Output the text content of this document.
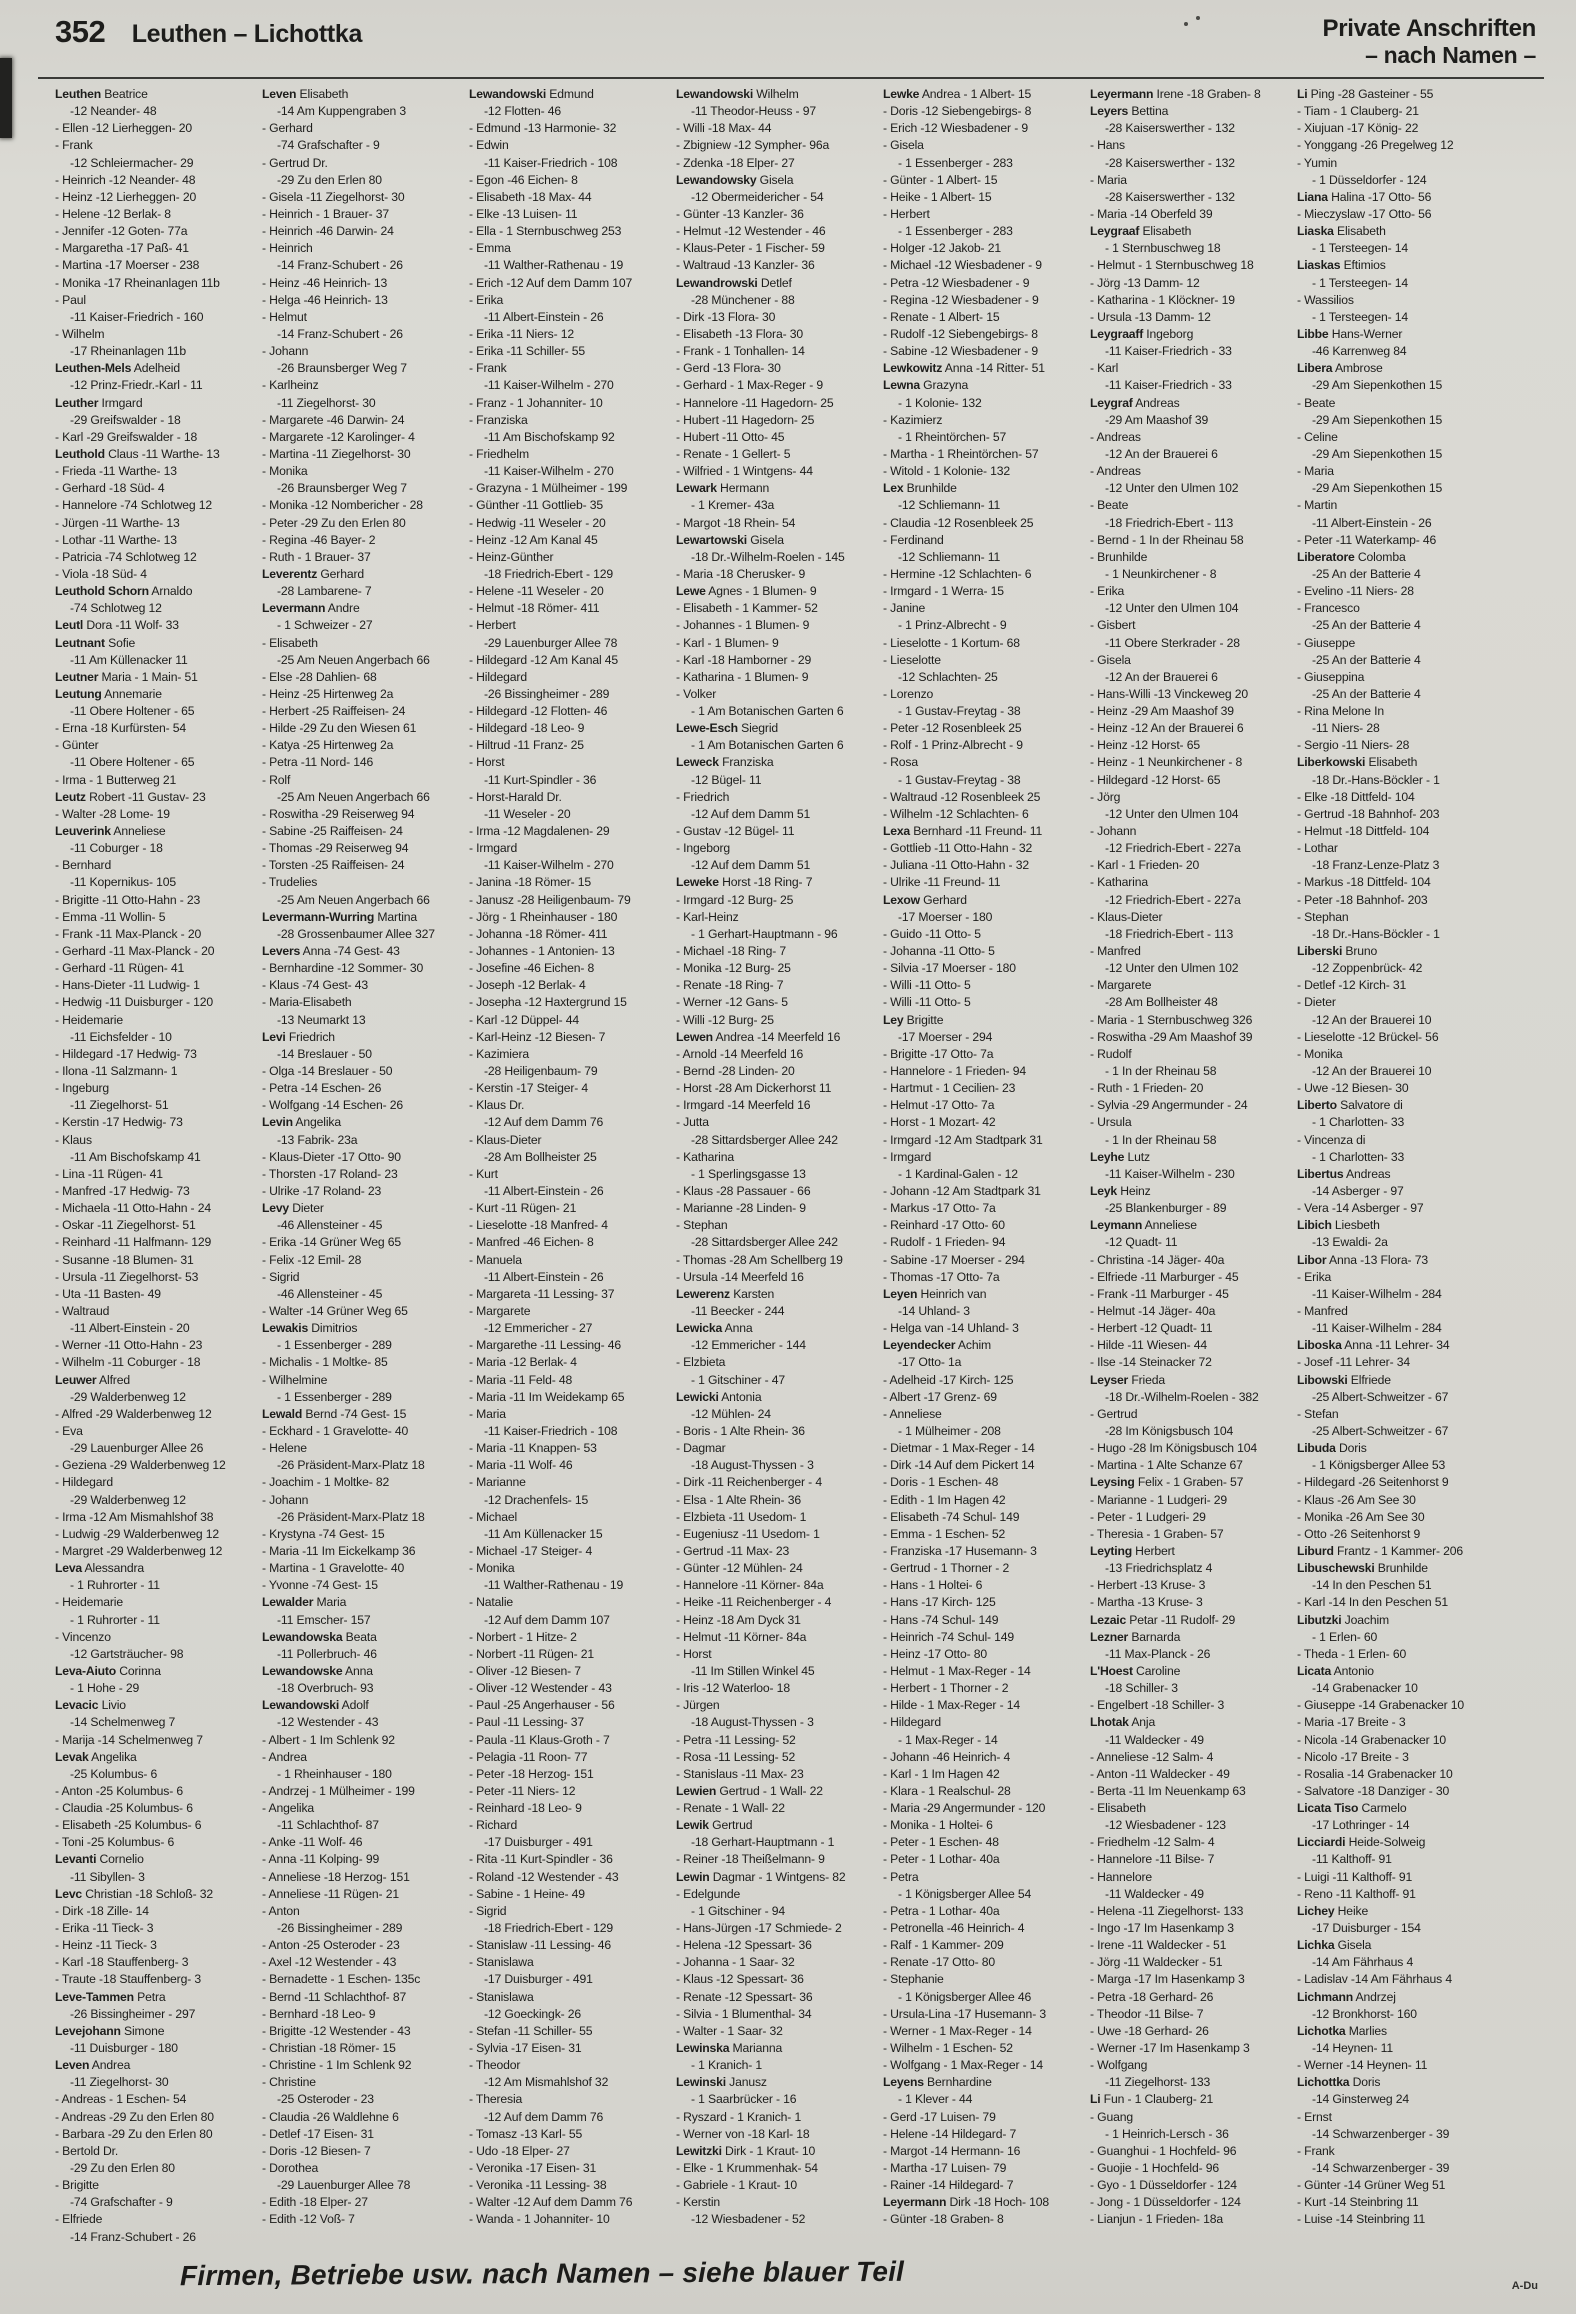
352 Leuthen – Lichottka	Private Anschriften
– nach Namen –
Leuthen Beatrice
-12 Neander- 48
- Ellen -12 Lierheggen- 20
- Frank
-12 Schleiermacher- 29
- Heinrich -12 Neander- 48
- Heinz -12 Lierheggen- 20
- Helene -12 Berlak- 8
- Jennifer -12 Goten- 77a
- Margaretha -17 Paß- 41
- Martina -17 Moerser - 238
- Monika -17 Rheinanlagen 11b
- Paul
-11 Kaiser-Friedrich - 160
- Wilhelm
-17 Rheinanlagen 11b
Leuthen-Mels Adelheid
-12 Prinz-Friedr.-Karl - 11
Leuther Irmgard
-29 Greifswalder - 18
- Karl -29 Greifswalder - 18
Leuthold Claus -11 Warthe- 13
- Frieda -11 Warthe- 13
- Gerhard -18 Süd- 4
- Hannelore -74 Schlotweg 12
- Jürgen -11 Warthe- 13
- Lothar -11 Warthe- 13
- Patricia -74 Schlotweg 12
- Viola -18 Süd- 4
Leuthold Schorn Arnaldo
-74 Schlotweg 12
Leutl Dora -11 Wolf- 33
Leutnant Sofie
-11 Am Küllenacker 11
Leutner Maria - 1 Main- 51
Leutung Annemarie
-11 Obere Holtener - 65
- Erna -18 Kurfürsten- 54
- Günter
-11 Obere Holtener - 65
- Irma - 1 Butterweg 21
Leutz Robert -11 Gustav- 23
- Walter -28 Lome- 19
Leuverink Anneliese
-11 Coburger - 18
- Bernhard
-11 Kopernikus- 105
- Brigitte -11 Otto-Hahn - 23
- Emma -11 Wollin- 5
- Frank -11 Max-Planck - 20
- Gerhard -11 Max-Planck - 20
- Gerhard -11 Rügen- 41
- Hans-Dieter -11 Ludwig- 1
- Hedwig -11 Duisburger - 120
- Heidemarie
-11 Eichsfelder - 10
- Hildegard -17 Hedwig- 73
- Ilona -11 Salzmann- 1
- Ingeburg
-11 Ziegelhorst- 51
- Kerstin -17 Hedwig- 73
- Klaus
-11 Am Bischofskamp 41
- Lina -11 Rügen- 41
- Manfred -17 Hedwig- 73
- Michaela -11 Otto-Hahn - 24
- Oskar -11 Ziegelhorst- 51
- Reinhard -11 Halfmann- 129
- Susanne -18 Blumen- 31
- Ursula -11 Ziegelhorst- 53
- Uta -11 Basten- 49
- Waltraud
-11 Albert-Einstein - 20
- Werner -11 Otto-Hahn - 23
- Wilhelm -11 Coburger - 18
Leuwer Alfred
-29 Walderbenweg 12
- Alfred -29 Walderbenweg 12
- Eva
-29 Lauenburger Allee 26
- Geziena -29 Walderbenweg 12
- Hildegard
-29 Walderbenweg 12
- Irma -12 Am Mismahlshof 38
- Ludwig -29 Walderbenweg 12
- Margret -29 Walderbenweg 12
Leva Alessandra
- 1 Ruhrorter - 11
- Heidemarie
- 1 Ruhrorter - 11
- Vincenzo
-12 Gartsträucher- 98
Leva-Aiuto Corinna
- 1 Hohe - 29
Levacic Livio
-14 Schelmenweg 7
- Marija -14 Schelmenweg 7
Levak Angelika
-25 Kolumbus- 6
- Anton -25 Kolumbus- 6
- Claudia -25 Kolumbus- 6
- Elisabeth -25 Kolumbus- 6
- Toni -25 Kolumbus- 6
Levanti Cornelio
-11 Sibyllen- 3
Levc Christian -18 Schloß- 32
- Dirk -18 Zille- 14
- Erika -11 Tieck- 3
- Heinz -11 Tieck- 3
- Karl -18 Stauffenberg- 3
- Traute -18 Stauffenberg- 3
Leve-Tammen Petra
-26 Bissingheimer - 297
Levejohann Simone
-11 Duisburger - 180
Leven Andrea
-11 Ziegelhorst- 30
- Andreas - 1 Eschen- 54
- Andreas -29 Zu den Erlen 80
- Barbara -29 Zu den Erlen 80
- Bertold Dr.
-29 Zu den Erlen 80
- Brigitte
-74 Grafschafter - 9
- Elfriede
-14 Franz-Schubert - 26
Leven Elisabeth
-14 Am Kuppengraben 3
- Gerhard
-74 Grafschafter - 9
- Gertrud Dr.
-29 Zu den Erlen 80
- Gisela -11 Ziegelhorst- 30
- Heinrich - 1 Brauer- 37
- Heinrich -46 Darwin- 24
- Heinrich
-14 Franz-Schubert - 26
- Heinz -46 Heinrich- 13
- Helga -46 Heinrich- 13
- Helmut
-14 Franz-Schubert - 26
- Johann
-26 Braunsberger Weg 7
- Karlheinz
-11 Ziegelhorst- 30
- Margarete -46 Darwin- 24
- Margarete -12 Karolinger- 4
- Martina -11 Ziegelhorst- 30
- Monika
-26 Braunsberger Weg 7
- Monika -12 Nombericher - 28
- Peter -29 Zu den Erlen 80
- Regina -46 Bayer- 2
- Ruth - 1 Brauer- 37
Leverentz Gerhard
-28 Lambarene- 7
Levermann Andre
- 1 Schweizer - 27
- Elisabeth
-25 Am Neuen Angerbach 66
- Else -28 Dahlien- 68
- Heinz -25 Hirtenweg 2a
- Herbert -25 Raiffeisen- 24
- Hilde -29 Zu den Wiesen 61
- Katya -25 Hirtenweg 2a
- Petra -11 Nord- 146
- Rolf
-25 Am Neuen Angerbach 66
- Roswitha -29 Reiserweg 94
- Sabine -25 Raiffeisen- 24
- Thomas -29 Reiserweg 94
- Torsten -25 Raiffeisen- 24
- Trudelies
-25 Am Neuen Angerbach 66
Levermann-Wurring Martina
-28 Grossenbaumer Allee 327
Levers Anna -74 Gest- 43
- Bernhardine -12 Sommer- 30
- Klaus -74 Gest- 43
- Maria-Elisabeth
-13 Neumarkt 13
Levi Friedrich
-14 Breslauer - 50
- Olga -14 Breslauer - 50
- Petra -14 Eschen- 26
- Wolfgang -14 Eschen- 26
Levin Angelika
-13 Fabrik- 23a
- Klaus-Dieter -17 Otto- 90
- Thorsten -17 Roland- 23
- Ulrike -17 Roland- 23
Levy Dieter
-46 Allensteiner - 45
- Erika -14 Grüner Weg 65
- Felix -12 Emil- 28
- Sigrid
-46 Allensteiner - 45
- Walter -14 Grüner Weg 65
Lewakis Dimitrios
- 1 Essenberger - 289
- Michalis - 1 Moltke- 85
- Wilhelmine
- 1 Essenberger - 289
Lewald Bernd -74 Gest- 15
- Eckhard - 1 Gravelotte- 40
- Helene
-26 Präsident-Marx-Platz 18
- Joachim - 1 Moltke- 82
- Johann
-26 Präsident-Marx-Platz 18
- Krystyna -74 Gest- 15
- Maria -11 Im Eickelkamp 36
- Martina - 1 Gravelotte- 40
- Yvonne -74 Gest- 15
Lewalder Maria
-11 Emscher- 157
Lewandowska Beata
-11 Pollerbruch- 46
Lewandowske Anna
-18 Overbruch- 93
Lewandowski Adolf
-12 Westender - 43
- Albert - 1 Im Schlenk 92
- Andrea
- 1 Rheinhauser - 180
- Andrzej - 1 Mülheimer - 199
- Angelika
-11 Schlachthof- 87
- Anke -11 Wolf- 46
- Anna -11 Kolping- 99
- Anneliese -18 Herzog- 151
- Anneliese -11 Rügen- 21
- Anton
-26 Bissingheimer - 289
- Anton -25 Osteroder - 23
- Axel -12 Westender - 43
- Bernadette - 1 Eschen- 135c
- Bernd -11 Schlachthof- 87
- Bernhard -18 Leo- 9
- Brigitte -12 Westender - 43
- Christian -18 Römer- 15
- Christine - 1 Im Schlenk 92
- Christine
-25 Osteroder - 23
- Claudia -26 Waldlehne 6
- Detlef -17 Eisen- 31
- Doris -12 Biesen- 7
- Dorothea
-29 Lauenburger Allee 78
- Edith -18 Elper- 27
- Edith -12 Voß- 7
Lewandowski Edmund
-12 Flotten- 46
- Edmund -13 Harmonie- 32
- Edwin
-11 Kaiser-Friedrich - 108
- Egon -46 Eichen- 8
- Elisabeth -18 Max- 44
- Elke -13 Luisen- 11
- Ella - 1 Sternbuschweg 253
- Emma
-11 Walther-Rathenau - 19
- Erich -12 Auf dem Damm 107
- Erika
-11 Albert-Einstein - 26
- Erika -11 Niers- 12
- Erika -11 Schiller- 55
- Frank
-11 Kaiser-Wilhelm - 270
- Franz - 1 Johanniter- 10
- Franziska
-11 Am Bischofskamp 92
- Friedhelm
-11 Kaiser-Wilhelm - 270
- Grazyna - 1 Mülheimer - 199
- Günther -11 Gottlieb- 35
- Hedwig -11 Weseler - 20
- Heinz -12 Am Kanal 45
- Heinz-Günther
-18 Friedrich-Ebert - 129
- Helene -11 Weseler - 20
- Helmut -18 Römer- 411
- Herbert
-29 Lauenburger Allee 78
- Hildegard -12 Am Kanal 45
- Hildegard
-26 Bissingheimer - 289
- Hildegard -12 Flotten- 46
- Hildegard -18 Leo- 9
- Hiltrud -11 Franz- 25
- Horst
-11 Kurt-Spindler - 36
- Horst-Harald Dr.
-11 Weseler - 20
- Irma -12 Magdalenen- 29
- Irmgard
-11 Kaiser-Wilhelm - 270
- Janina -18 Römer- 15
- Janusz -28 Heiligenbaum- 79
- Jörg - 1 Rheinhauser - 180
- Johanna -18 Römer- 411
- Johannes - 1 Antonien- 13
- Josefine -46 Eichen- 8
- Joseph -12 Berlak- 4
- Josepha -12 Haxtergrund 15
- Karl -12 Düppel- 44
- Karl-Heinz -12 Biesen- 7
- Kazimiera
-28 Heiligenbaum- 79
- Kerstin -17 Steiger- 4
- Klaus Dr.
-12 Auf dem Damm 76
- Klaus-Dieter
-28 Am Bollheister 25
- Kurt
-11 Albert-Einstein - 26
- Kurt -11 Rügen- 21
- Lieselotte -18 Manfred- 4
- Manfred -46 Eichen- 8
- Manuela
-11 Albert-Einstein - 26
- Margareta -11 Lessing- 37
- Margarete
-12 Emmericher - 27
- Margarethe -11 Lessing- 46
- Maria -12 Berlak- 4
- Maria -11 Feld- 48
- Maria -11 Im Weidekamp 65
- Maria
-11 Kaiser-Friedrich - 108
- Maria -11 Knappen- 53
- Maria -11 Wolf- 46
- Marianne
-12 Drachenfels- 15
- Michael
-11 Am Küllenacker 15
- Michael -17 Steiger- 4
- Monika
-11 Walther-Rathenau - 19
- Natalie
-12 Auf dem Damm 107
- Norbert - 1 Hitze- 2
- Norbert -11 Rügen- 21
- Oliver -12 Biesen- 7
- Oliver -12 Westender - 43
- Paul -25 Angerhauser - 56
- Paul -11 Lessing- 37
- Paula -11 Klaus-Groth - 7
- Pelagia -11 Roon- 77
- Peter -18 Herzog- 151
- Peter -11 Niers- 12
- Reinhard -18 Leo- 9
- Richard
-17 Duisburger - 491
- Rita -11 Kurt-Spindler - 36
- Roland -12 Westender - 43
- Sabine - 1 Heine- 49
- Sigrid
-18 Friedrich-Ebert - 129
- Stanislaw -11 Lessing- 46
- Stanislawa
-17 Duisburger - 491
- Stanislawa
-12 Goeckingk- 26
- Stefan -11 Schiller- 55
- Sylvia -17 Eisen- 31
- Theodor
-12 Am Mismahlshof 32
- Theresia
-12 Auf dem Damm 76
- Tomasz -13 Karl- 55
- Udo -18 Elper- 27
- Veronika -17 Eisen- 31
- Veronika -11 Lessing- 38
- Walter -12 Auf dem Damm 76
- Wanda - 1 Johanniter- 10
Lewandowski Wilhelm
-11 Theodor-Heuss - 97
- Willi -18 Max- 44
- Zbigniew -12 Sympher- 96a
- Zdenka -18 Elper- 27
Lewandowsky Gisela
-12 Obermeidericher - 54
- Günter -13 Kanzler- 36
- Helmut -12 Westender - 46
- Klaus-Peter - 1 Fischer- 59
- Waltraud -13 Kanzler- 36
Lewandrowski Detlef
-28 Münchener - 88
- Dirk -13 Flora- 30
- Elisabeth -13 Flora- 30
- Frank - 1 Tonhallen- 14
- Gerd -13 Flora- 30
- Gerhard - 1 Max-Reger - 9
- Hannelore -11 Hagedorn- 25
- Hubert -11 Hagedorn- 25
- Hubert -11 Otto- 45
- Renate - 1 Gellert- 5
- Wilfried - 1 Wintgens- 44
Lewark Hermann
- 1 Kremer- 43a
- Margot -18 Rhein- 54
Lewartowski Gisela
-18 Dr.-Wilhelm-Roelen - 145
- Maria -18 Cherusker- 9
Lewe Agnes - 1 Blumen- 9
- Elisabeth - 1 Kammer- 52
- Johannes - 1 Blumen- 9
- Karl - 1 Blumen- 9
- Karl -18 Hamborner - 29
- Katharina - 1 Blumen- 9
- Volker
- 1 Am Botanischen Garten 6
Lewe-Esch Siegrid
- 1 Am Botanischen Garten 6
Leweck Franziska
-12 Bügel- 11
- Friedrich
-12 Auf dem Damm 51
- Gustav -12 Bügel- 11
- Ingeborg
-12 Auf dem Damm 51
Leweke Horst -18 Ring- 7
- Irmgard -12 Burg- 25
- Karl-Heinz
- 1 Gerhart-Hauptmann - 96
- Michael -18 Ring- 7
- Monika -12 Burg- 25
- Renate -18 Ring- 7
- Werner -12 Gans- 5
- Willi -12 Burg- 25
Lewen Andrea -14 Meerfeld 16
- Arnold -14 Meerfeld 16
- Bernd -28 Linden- 20
- Horst -28 Am Dickerhorst 11
- Irmgard -14 Meerfeld 16
- Jutta
-28 Sittardsberger Allee 242
- Katharina
- 1 Sperlingsgasse 13
- Klaus -28 Passauer - 66
- Marianne -28 Linden- 9
- Stephan
-28 Sittardsberger Allee 242
- Thomas -28 Am Schellberg 19
- Ursula -14 Meerfeld 16
Lewerenz Karsten
-11 Beecker - 244
Lewicka Anna
-12 Emmericher - 144
- Elzbieta
- 1 Gitschiner - 47
Lewicki Antonia
-12 Mühlen- 24
- Boris - 1 Alte Rhein- 36
- Dagmar
-18 August-Thyssen - 3
- Dirk -11 Reichenberger - 4
- Elsa - 1 Alte Rhein- 36
- Elzbieta -11 Usedom- 1
- Eugeniusz -11 Usedom- 1
- Gertrud -11 Max- 23
- Günter -12 Mühlen- 24
- Hannelore -11 Körner- 84a
- Heike -11 Reichenberger - 4
- Heinz -18 Am Dyck 31
- Helmut -11 Körner- 84a
- Horst
-11 Im Stillen Winkel 45
- Iris -12 Waterloo- 18
- Jürgen
-18 August-Thyssen - 3
- Petra -11 Lessing- 52
- Rosa -11 Lessing- 52
- Stanislaus -11 Max- 23
Lewien Gertrud - 1 Wall- 22
- Renate - 1 Wall- 22
Lewik Gertrud
-18 Gerhart-Hauptmann - 1
- Reiner -18 Theißelmann- 9
Lewin Dagmar - 1 Wintgens- 82
- Edelgunde
- 1 Gitschiner - 94
- Hans-Jürgen -17 Schmiede- 2
- Helena -12 Spessart- 36
- Johanna - 1 Saar- 32
- Klaus -12 Spessart- 36
- Renate -12 Spessart- 36
- Silvia - 1 Blumenthal- 34
- Walter - 1 Saar- 32
Lewinska Marianna
- 1 Kranich- 1
Lewinski Janusz
- 1 Saarbrücker - 16
- Ryszard - 1 Kranich- 1
- Werner von -18 Karl- 18
Lewitzki Dirk - 1 Kraut- 10
- Elke - 1 Krummenhak- 54
- Gabriele - 1 Kraut- 10
- Kerstin
-12 Wiesbadener - 52
Lewke Andrea - 1 Albert- 15
- Doris -12 Siebengebirgs- 8
- Erich -12 Wiesbadener - 9
- Gisela
- 1 Essenberger - 283
- Günter - 1 Albert- 15
- Heike - 1 Albert- 15
- Herbert
- 1 Essenberger - 283
- Holger -12 Jakob- 21
- Michael -12 Wiesbadener - 9
- Petra -12 Wiesbadener - 9
- Regina -12 Wiesbadener - 9
- Renate - 1 Albert- 15
- Rudolf -12 Siebengebirgs- 8
- Sabine -12 Wiesbadener - 9
Lewkowitz Anna -14 Ritter- 51
Lewna Grazyna
- 1 Kolonie- 132
- Kazimierz
- 1 Rheintörchen- 57
- Martha - 1 Rheintörchen- 57
- Witold - 1 Kolonie- 132
Lex Brunhilde
-12 Schliemann- 11
- Claudia -12 Rosenbleek 25
- Ferdinand
-12 Schliemann- 11
- Hermine -12 Schlachten- 6
- Irmgard - 1 Werra- 15
- Janine
- 1 Prinz-Albrecht - 9
- Lieselotte - 1 Kortum- 68
- Lieselotte
-12 Schlachten- 25
- Lorenzo
- 1 Gustav-Freytag - 38
- Peter -12 Rosenbleek 25
- Rolf - 1 Prinz-Albrecht - 9
- Rosa
- 1 Gustav-Freytag - 38
- Waltraud -12 Rosenbleek 25
- Wilhelm -12 Schlachten- 6
Lexa Bernhard -11 Freund- 11
- Gottlieb -11 Otto-Hahn - 32
- Juliana -11 Otto-Hahn - 32
- Ulrike -11 Freund- 11
Lexow Gerhard
-17 Moerser - 180
- Guido -11 Otto- 5
- Johanna -11 Otto- 5
- Silvia -17 Moerser - 180
- Willi -11 Otto- 5
- Willi -11 Otto- 5
Ley Brigitte
-17 Moerser - 294
- Brigitte -17 Otto- 7a
- Hannelore - 1 Frieden- 94
- Hartmut - 1 Cecilien- 23
- Helmut -17 Otto- 7a
- Horst - 1 Mozart- 42
- Irmgard -12 Am Stadtpark 31
- Irmgard
- 1 Kardinal-Galen - 12
- Johann -12 Am Stadtpark 31
- Markus -17 Otto- 7a
- Reinhard -17 Otto- 60
- Rudolf - 1 Frieden- 94
- Sabine -17 Moerser - 294
- Thomas -17 Otto- 7a
Leyen Heinrich van
-14 Uhland- 3
- Helga van -14 Uhland- 3
Leyendecker Achim
-17 Otto- 1a
- Adelheid -17 Kirch- 125
- Albert -17 Grenz- 69
- Anneliese
- 1 Mülheimer - 208
- Dietmar - 1 Max-Reger - 14
- Dirk -14 Auf dem Pickert 14
- Doris - 1 Eschen- 48
- Edith - 1 Im Hagen 42
- Elisabeth -74 Schul- 149
- Emma - 1 Eschen- 52
- Franziska -17 Husemann- 3
- Gertrud - 1 Thorner - 2
- Hans - 1 Holtei- 6
- Hans -17 Kirch- 125
- Hans -74 Schul- 149
- Heinrich -74 Schul- 149
- Heinz -17 Otto- 80
- Helmut - 1 Max-Reger - 14
- Herbert - 1 Thorner - 2
- Hilde - 1 Max-Reger - 14
- Hildegard
- 1 Max-Reger - 14
- Johann -46 Heinrich- 4
- Karl - 1 Im Hagen 42
- Klara - 1 Realschul- 28
- Maria -29 Angermunder - 120
- Monika - 1 Holtei- 6
- Peter - 1 Eschen- 48
- Peter - 1 Lothar- 40a
- Petra
- 1 Königsberger Allee 54
- Petra - 1 Lothar- 40a
- Petronella -46 Heinrich- 4
- Ralf - 1 Kammer- 209
- Renate -17 Otto- 80
- Stephanie
- 1 Königsberger Allee 46
- Ursula-Lina -17 Husemann- 3
- Werner - 1 Max-Reger - 14
- Wilhelm - 1 Eschen- 52
- Wolfgang - 1 Max-Reger - 14
Leyens Bernhardine
- 1 Klever - 44
- Gerd -17 Luisen- 79
- Helene -14 Hildegard- 7
- Margot -14 Hermann- 16
- Martha -17 Luisen- 79
- Rainer -14 Hildegard- 7
Leyermann Dirk -18 Hoch- 108
- Günter -18 Graben- 8
Leyermann Irene -18 Graben- 8
Leyers Bettina
-28 Kaiserswerther - 132
- Hans
-28 Kaiserswerther - 132
- Maria
-28 Kaiserswerther - 132
- Maria -14 Oberfeld 39
Leygraaf Elisabeth
- 1 Sternbuschweg 18
- Helmut - 1 Sternbuschweg 18
- Jörg -13 Damm- 12
- Katharina - 1 Klöckner- 19
- Ursula -13 Damm- 12
Leygraaff Ingeborg
-11 Kaiser-Friedrich - 33
- Karl
-11 Kaiser-Friedrich - 33
Leygraf Andreas
-29 Am Maashof 39
- Andreas
-12 An der Brauerei 6
- Andreas
-12 Unter den Ulmen 102
- Beate
-18 Friedrich-Ebert - 113
- Bernd - 1 In der Rheinau 58
- Brunhilde
- 1 Neunkirchener - 8
- Erika
-12 Unter den Ulmen 104
- Gisbert
-11 Obere Sterkrader - 28
- Gisela
-12 An der Brauerei 6
- Hans-Willi -13 Vinckeweg 20
- Heinz -29 Am Maashof 39
- Heinz -12 An der Brauerei 6
- Heinz -12 Horst- 65
- Heinz - 1 Neunkirchener - 8
- Hildegard -12 Horst- 65
- Jörg
-12 Unter den Ulmen 104
- Johann
-12 Friedrich-Ebert - 227a
- Karl - 1 Frieden- 20
- Katharina
-12 Friedrich-Ebert - 227a
- Klaus-Dieter
-18 Friedrich-Ebert - 113
- Manfred
-12 Unter den Ulmen 102
- Margarete
-28 Am Bollheister 48
- Maria - 1 Sternbuschweg 326
- Roswitha -29 Am Maashof 39
- Rudolf
- 1 In der Rheinau 58
- Ruth - 1 Frieden- 20
- Sylvia -29 Angermunder - 24
- Ursula
- 1 In der Rheinau 58
Leyhe Lutz
-11 Kaiser-Wilhelm - 230
Leyk Heinz
-25 Blankenburger - 89
Leymann Anneliese
-12 Quadt- 11
- Christina -14 Jäger- 40a
- Elfriede -11 Marburger - 45
- Frank -11 Marburger - 45
- Helmut -14 Jäger- 40a
- Herbert -12 Quadt- 11
- Hilde -11 Wiesen- 44
- Ilse -14 Steinacker 72
Leyser Frieda
-18 Dr.-Wilhelm-Roelen - 382
- Gertrud
-28 Im Königsbusch 104
- Hugo -28 Im Königsbusch 104
- Martina - 1 Alte Schanze 67
Leysing Felix - 1 Graben- 57
- Marianne - 1 Ludgeri- 29
- Peter - 1 Ludgeri- 29
- Theresia - 1 Graben- 57
Leyting Herbert
-13 Friedrichsplatz 4
- Herbert -13 Kruse- 3
- Martha -13 Kruse- 3
Lezaic Petar -11 Rudolf- 29
Lezner Barnarda
-11 Max-Planck - 26
L'Hoest Caroline
-18 Schiller- 3
- Engelbert -18 Schiller- 3
Lhotak Anja
-11 Waldecker - 49
- Anneliese -12 Salm- 4
- Anton -11 Waldecker - 49
- Berta -11 Im Neuenkamp 63
- Elisabeth
-12 Wiesbadener - 123
- Friedhelm -12 Salm- 4
- Hannelore -11 Bilse- 7
- Hannelore
-11 Waldecker - 49
- Helena -11 Ziegelhorst- 133
- Ingo -17 Im Hasenkamp 3
- Irene -11 Waldecker - 51
- Jörg -11 Waldecker - 51
- Marga -17 Im Hasenkamp 3
- Petra -18 Gerhard- 26
- Theodor -11 Bilse- 7
- Uwe -18 Gerhard- 26
- Werner -17 Im Hasenkamp 3
- Wolfgang
-11 Ziegelhorst- 133
Li Fun - 1 Clauberg- 21
- Guang
- 1 Heinrich-Lersch - 36
- Guanghui - 1 Hochfeld- 96
- Guojie - 1 Hochfeld- 96
- Gyo - 1 Düsseldorfer - 124
- Jong - 1 Düsseldorfer - 124
- Lianjun - 1 Frieden- 18a
Li Ping -28 Gasteiner - 55
- Tiam - 1 Clauberg- 21
- Xiujuan -17 König- 22
- Yonggang -26 Pregelweg 12
- Yumin
- 1 Düsseldorfer - 124
Liana Halina -17 Otto- 56
- Mieczyslaw -17 Otto- 56
Liaska Elisabeth
- 1 Tersteegen- 14
Liaskas Eftimios
- 1 Tersteegen- 14
- Wassilios
- 1 Tersteegen- 14
Libbe Hans-Werner
-46 Karrenweg 84
Libera Ambrose
-29 Am Siepenkothen 15
- Beate
-29 Am Siepenkothen 15
- Celine
-29 Am Siepenkothen 15
- Maria
-29 Am Siepenkothen 15
- Martin
-11 Albert-Einstein - 26
- Peter -11 Waterkamp- 46
Liberatore Colomba
-25 An der Batterie 4
- Evelino -11 Niers- 28
- Francesco
-25 An der Batterie 4
- Giuseppe
-25 An der Batterie 4
- Giuseppina
-25 An der Batterie 4
- Rina Melone In
-11 Niers- 28
- Sergio -11 Niers- 28
Liberkowski Elisabeth
-18 Dr.-Hans-Böckler - 1
- Elke -18 Dittfeld- 104
- Gertrud -18 Bahnhof- 203
- Helmut -18 Dittfeld- 104
- Lothar
-18 Franz-Lenze-Platz 3
- Markus -18 Dittfeld- 104
- Peter -18 Bahnhof- 203
- Stephan
-18 Dr.-Hans-Böckler - 1
Liberski Bruno
-12 Zoppenbrück- 42
- Detlef -12 Kirch- 31
- Dieter
-12 An der Brauerei 10
- Lieselotte -12 Brückel- 56
- Monika
-12 An der Brauerei 10
- Uwe -12 Biesen- 30
Liberto Salvatore di
- 1 Charlotten- 33
- Vincenza di
- 1 Charlotten- 33
Libertus Andreas
-14 Asberger - 97
- Vera -14 Asberger - 97
Libich Liesbeth
-13 Ewaldi- 2a
Libor Anna -13 Flora- 73
- Erika
-11 Kaiser-Wilhelm - 284
- Manfred
-11 Kaiser-Wilhelm - 284
Liboska Anna -11 Lehrer- 34
- Josef -11 Lehrer- 34
Libowski Elfriede
-25 Albert-Schweitzer - 67
- Stefan
-25 Albert-Schweitzer - 67
Libuda Doris
- 1 Königsberger Allee 53
- Hildegard -26 Seitenhorst 9
- Klaus -26 Am See 30
- Monika -26 Am See 30
- Otto -26 Seitenhorst 9
Liburd Frantz - 1 Kammer- 206
Libuschewski Brunhilde
-14 In den Peschen 51
- Karl -14 In den Peschen 51
Libutzki Joachim
- 1 Erlen- 60
- Theda - 1 Erlen- 60
Licata Antonio
-14 Grabenacker 10
- Giuseppe -14 Grabenacker 10
- Maria -17 Breite - 3
- Nicola -14 Grabenacker 10
- Nicolo -17 Breite - 3
- Rosalia -14 Grabenacker 10
- Salvatore -18 Danziger - 30
Licata Tiso Carmelo
-17 Lothringer - 14
Licciardi Heide-Solweig
-11 Kalthoff- 91
- Luigi -11 Kalthoff- 91
- Reno -11 Kalthoff- 91
Lichey Heike
-17 Duisburger - 154
Lichka Gisela
-14 Am Fährhaus 4
- Ladislav -14 Am Fährhaus 4
Lichmann Andrzej
-12 Bronkhorst- 160
Lichotka Marlies
-14 Heynen- 11
- Werner -14 Heynen- 11
Lichottka Doris
-14 Ginsterweg 24
- Ernst
-14 Schwarzenberger - 39
- Frank
-14 Schwarzenberger - 39
- Günter -14 Grüner Weg 51
- Kurt -14 Steinbring 11
- Luise -14 Steinbring 11
Firmen, Betriebe usw. nach Namen – siehe blauer Teil	A-Du
